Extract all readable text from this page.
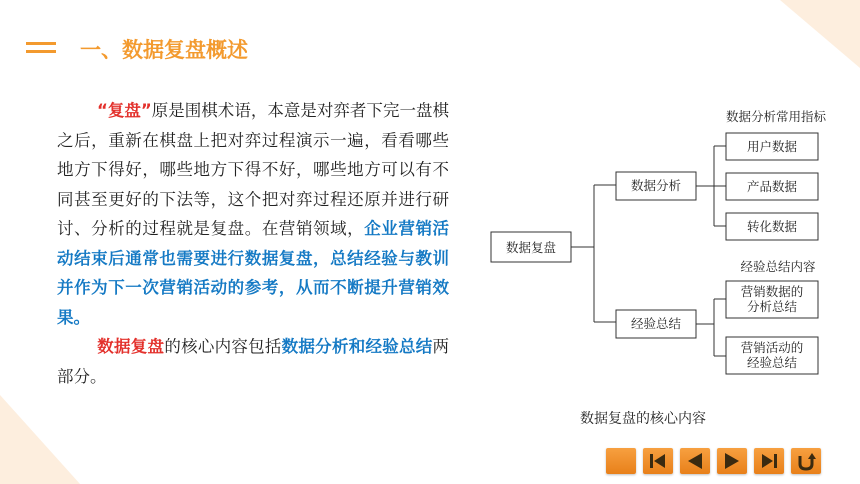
一、数据复盘概述

“复盘”原是围棋术语，本意是对弈者下完一盘棋之后，重新在棋盘上把对弈过程演示一遍，看看哪些地方下得好，哪些地方下得不好，哪些地方可以有不同甚至更好的下法等，这个把对弈过程还原并进行研讨、分析的过程就是复盘。在营销领域，企业营销活动结束后通常也需要进行数据复盘，总结经验与教训并作为下一次营销活动的参考，从而不断提升营销效果。

数据复盘的核心内容包括数据分析和经验总结两部分。

数据分析常用指标
数据复盘
数据分析
用户数据
产品数据
转化数据
经验总结内容
经验总结
营销数据的
分析总结
营销活动的
经验总结
数据复盘的核心内容
